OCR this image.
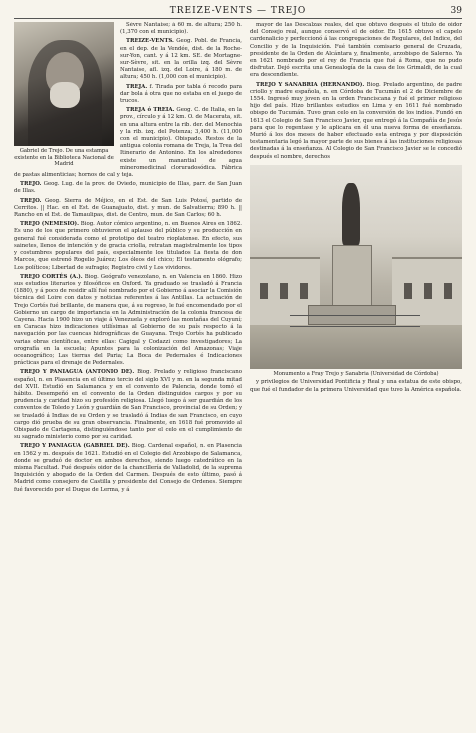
TREIZE-VENTS — TREJO	39
Gabriel de Trejo. De una estampa existente en la Biblioteca Nacional de Madrid

Sèvre Nantaise; á 60 m. de altura; 250 h. (1,370 con el municipio).

TREIZE-VENTS. Geog. Pobl. de Francia, en el dep. de la Vendée, dist. de la Roche-sur-Yon, cant. y á 12 km. SE. de Mortagne-sur-Sèvre, sit. en la orilla izq. del Sèvre Nantaise, afl. izq. del Loire, á 180 m. de altura; 450 h. (1,000 con el municipio).

TREJA. f. Tirada por tabla ó recodo para dar bola á otra que no estaba en el juego de trucos.

TREJA ó TREIA. Geog. C. de Italia, en la prov., círculo y á 12 km. O. de Macerata, sit. en una altura entre la rib. der. del Menochia y la rib. izq. del Potenza; 3,400 h. (11,000 con el municipio). Obispado. Restos de la antigua colonia romana de Treja, la Trea del Itinerario de Antonino. En los alrededores existe un manantial de agua mineromedicinal cloruradosódica. Fábrica de pastas alimenticias; hornos de cal y teja.

TREJO. Geog. Lug. de la prov. de Oviedo, municipio de Illas, parr. de San Juan de Illas.

TREJO. Geog. Sierra de Méjico, en el Est. de San Luis Potosí, partido de Cerritos. || Hac. en el Est. de Guanajuato, dist. y mun. de Salvatierra; 890 h. || Rancho en el Est. de Tamaulipas, dist. de Centro, mun. de San Carlos; 60 h.

TREJO (NEMESIO). Biog. Autor cómico argentino, n. en Buenos Aires en 1862. Es uno de los que primero obtuvieron el aplauso del público y su producción en general fué considerada como el prototipo del teatro rioplatense. En efecto, sus sainetes, llenos de intención y de gracia criolla, retratan magistralmente los tipos y costumbres populares del país, especialmente los titulados La fiesta de don Marcos, que estrenó Rogelio Juárez; Los óleos del chico; El testamento ológrafo; Los políticos; Libertad de sufragio; Registro civil y Los vividores.

TREJO CORTÉS (A.). Biog. Geógrafo venezolano, n. en Valencia en 1860. Hizo sus estudios literarios y filosóficos en Oxford. Ya graduado se trasladó á Francia (1880), y á poco de residir allí fué nombrado por el Gobierno á asociar la Comisión técnica del Loire con datos y noticias referentes á las Antillas. La actuación de Trejo Cortés fué brillante, de manera que, á su regreso, le fué encomendado por el Gobierno un cargo de importancia en la Administración de la colonia francesa de Cayena. Hacia 1900 hizo un viaje á Venezuela y exploró las montañas del Cuyuní; en Caracas hizo indicaciones utilísimas al Gobierno de su país respecto á la navegación por las cuencas hidrográficas de Guayana. Trejo Cortés ha publicado varias obras científicas, entre ellas: Cagigal y Codazzi como investigadores; La orografía en la escuela; Apuntes para la colonización del Amazonas; Viaje oceanográfico; Las tierras del Paria; La Boca de Pedernales é Indicaciones prácticas para el drenaje de Pedernales.

TREJO Y PANIAGUA (ANTONIO DE). Biog. Prelado y religioso franciscano español, n. en Plasencia en el último tercio del siglo XVI y m. en la segunda mitad del XVII. Estudió en Salamanca y en el convento de Palencia, donde tomó el hábito. Desempeñó en el convento de la Orden distinguidos cargos y por su prudencia y caridad hizo su profesión religiosa. Llegó luego á ser guardián de los conventos de Toledo y León y guardián de San Francisco, provincial de su Orden; y se trasladó á Indias de su Orden y se trasladó á Indias de san Francisco, en cuyo cargo dió prueba de su gran observancia. Finalmente, en 1618 fué promovido al Obispado de Cartagena, distinguiéndose tanto por el celo en el cumplimiento de su sagrado ministerio como por su caridad.

TREJO Y PANIAGUA (GABRIEL DE). Biog. Cardenal español, n. en Plasencia en 1562 y m. después de 1621. Estudió en el Colegio del Arzobispo de Salamanca, donde se graduó de doctor en ambos derechos, siendo luego catedrático en la misma Facultad. Fué después oidor de la chancillería de Valladolid, de la suprema Inquisición y abogado de la Orden del Carmen. Después de esto último, pasó á Madrid como consejero de Castilla y presidente del Consejo de Ordenes. Siempre fué favorecido por el Duque de Lerma, y á

mayor de las Descalzas reales, del que obtuvo después el título de oidor del Consejo real, aunque conservó el de oidor. En 1615 obtuvo el capelo cardenalicio y perfeccionó á las congregaciones de Regulares, del Indice, del Concilio y de la Inquisición. Fué también comisario general de Cruzada, presidente de la Orden de Alcántara y, finalmente, arzobispo de Salerno. Ya en 1621 nombrado por el rey de Francia que fué á Roma, que no pudo disfrutar. Dejó escrita una Genealogía de la casa de los Grimaldi, de la cual era descendiente.

TREJO Y SANABRIA (HERNANDO). Biog. Prelado argentino, de padre criollo y madre española, n. en Córdoba de Tucumán el 2 de Diciembre de 1554. Ingresó muy joven en la orden Franciscana y fué el primer religioso hijo del país. Hizo brillantes estudios en Lima y en 1611 fué nombrado obispo de Tucumán. Tuvo gran celo en la conversión de los indios. Fundó en 1613 el Colegio de San Francisco Javier, que entregó á la Compañía de Jesús para que lo regentase y le aplicara en él una nueva forma de enseñanza. Murió á los dos meses de haber efectuado esta entrega y por disposición testamentaria legó la mayor parte de sus bienes á las instituciones religiosas destinadas á la enseñanza. Al Colegio de San Francisco Javier se le concedió después el nombre, derechos

Monumento a Fray Trejo y Sanabria (Universidad de Córdoba)

y privilegios de Universidad Pontificia y Real y una estatua de este obispo, que fué el fundador de la primera Universidad que tuvo la América española.
